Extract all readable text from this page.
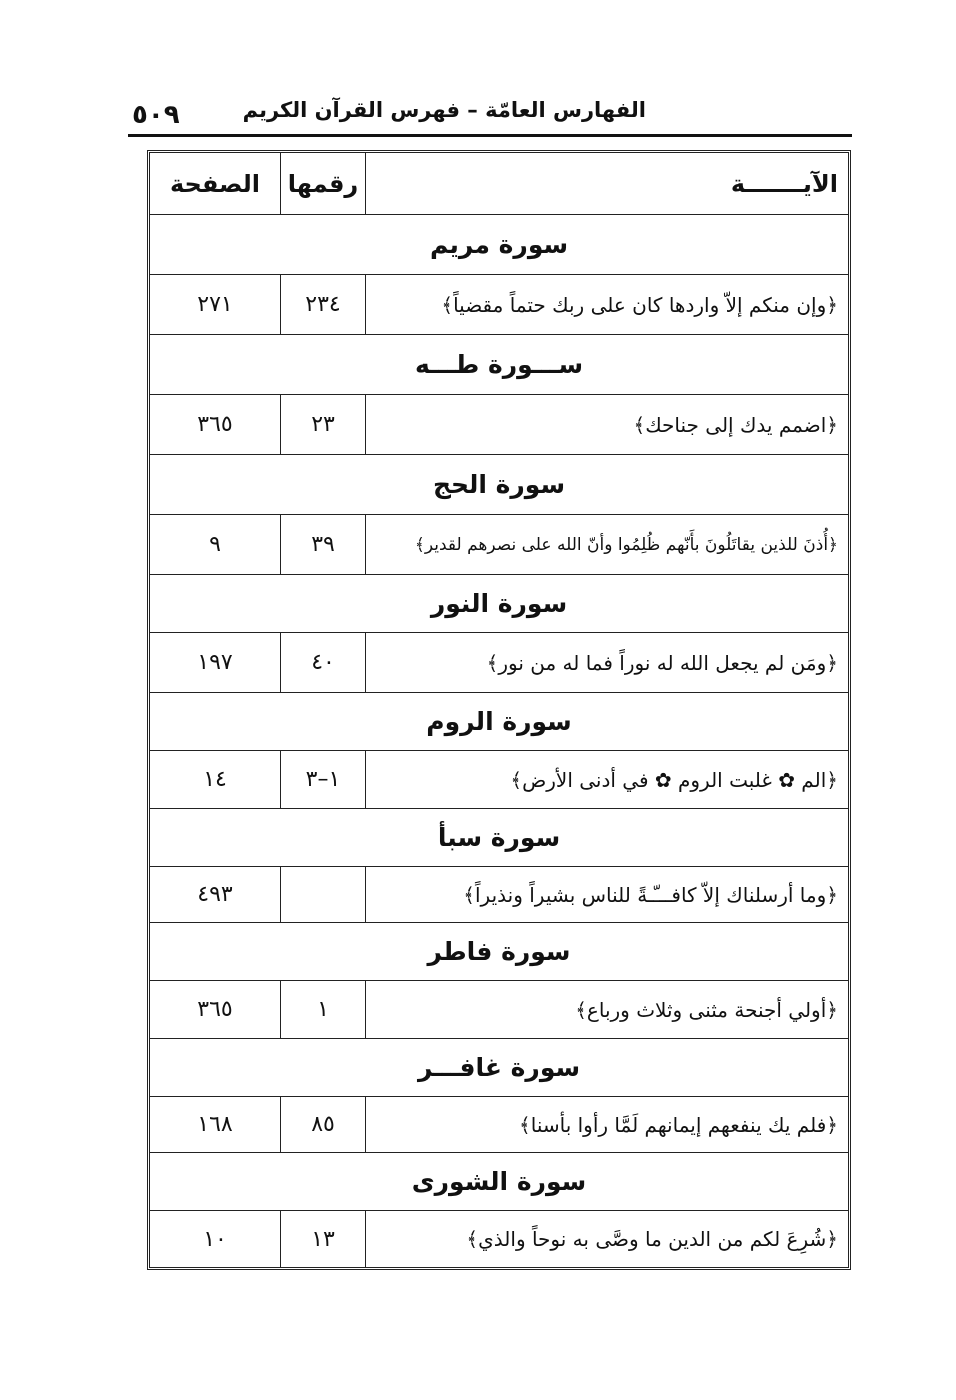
٥٠٩	الفهارس العامّة – فهرس القرآن الكريم
الآيـــــــة
رقمها
الصفحة
سورة مريم
﴿وإن منكم إلاّ واردها كان على ربك حتماً مقضياً﴾
٢٣٤
٢٧١
ســـورة طـــه
﴿اضمم يدك إلى جناحك﴾
٢٣
٣٦٥
سورة الحج
﴿أُذنَ للذين يقاتَلُونَ بأَنّهم ظُلِمُوا وأنّ الله على نصرهم لقدير﴾
٣٩
٩
سورة النور
﴿ومَن لم يجعل الله له نوراً فما له من نور﴾
٤٠
١٩٧
سورة الروم
﴿الم ✿ غلبت الروم ✿ في أدنى الأرض﴾
١–٣
١٤
سورة سبأ
﴿وما أرسلناك إلاّ كافـــّـةً للناس بشيراً ونذيراً﴾
٤٩٣
سورة فاطر
﴿أولي أجنحة مثنى وثلاث ورباع﴾
١
٣٦٥
سورة غافـــر
﴿فلم يك ينفعهم إيمانهم لَمَّا رأوا بأسنا﴾
٨٥
١٦٨
سورة الشورى
﴿شُرِعَ لكم من الدين ما وصَّى به نوحاً والذي﴾
١٣
١٠
